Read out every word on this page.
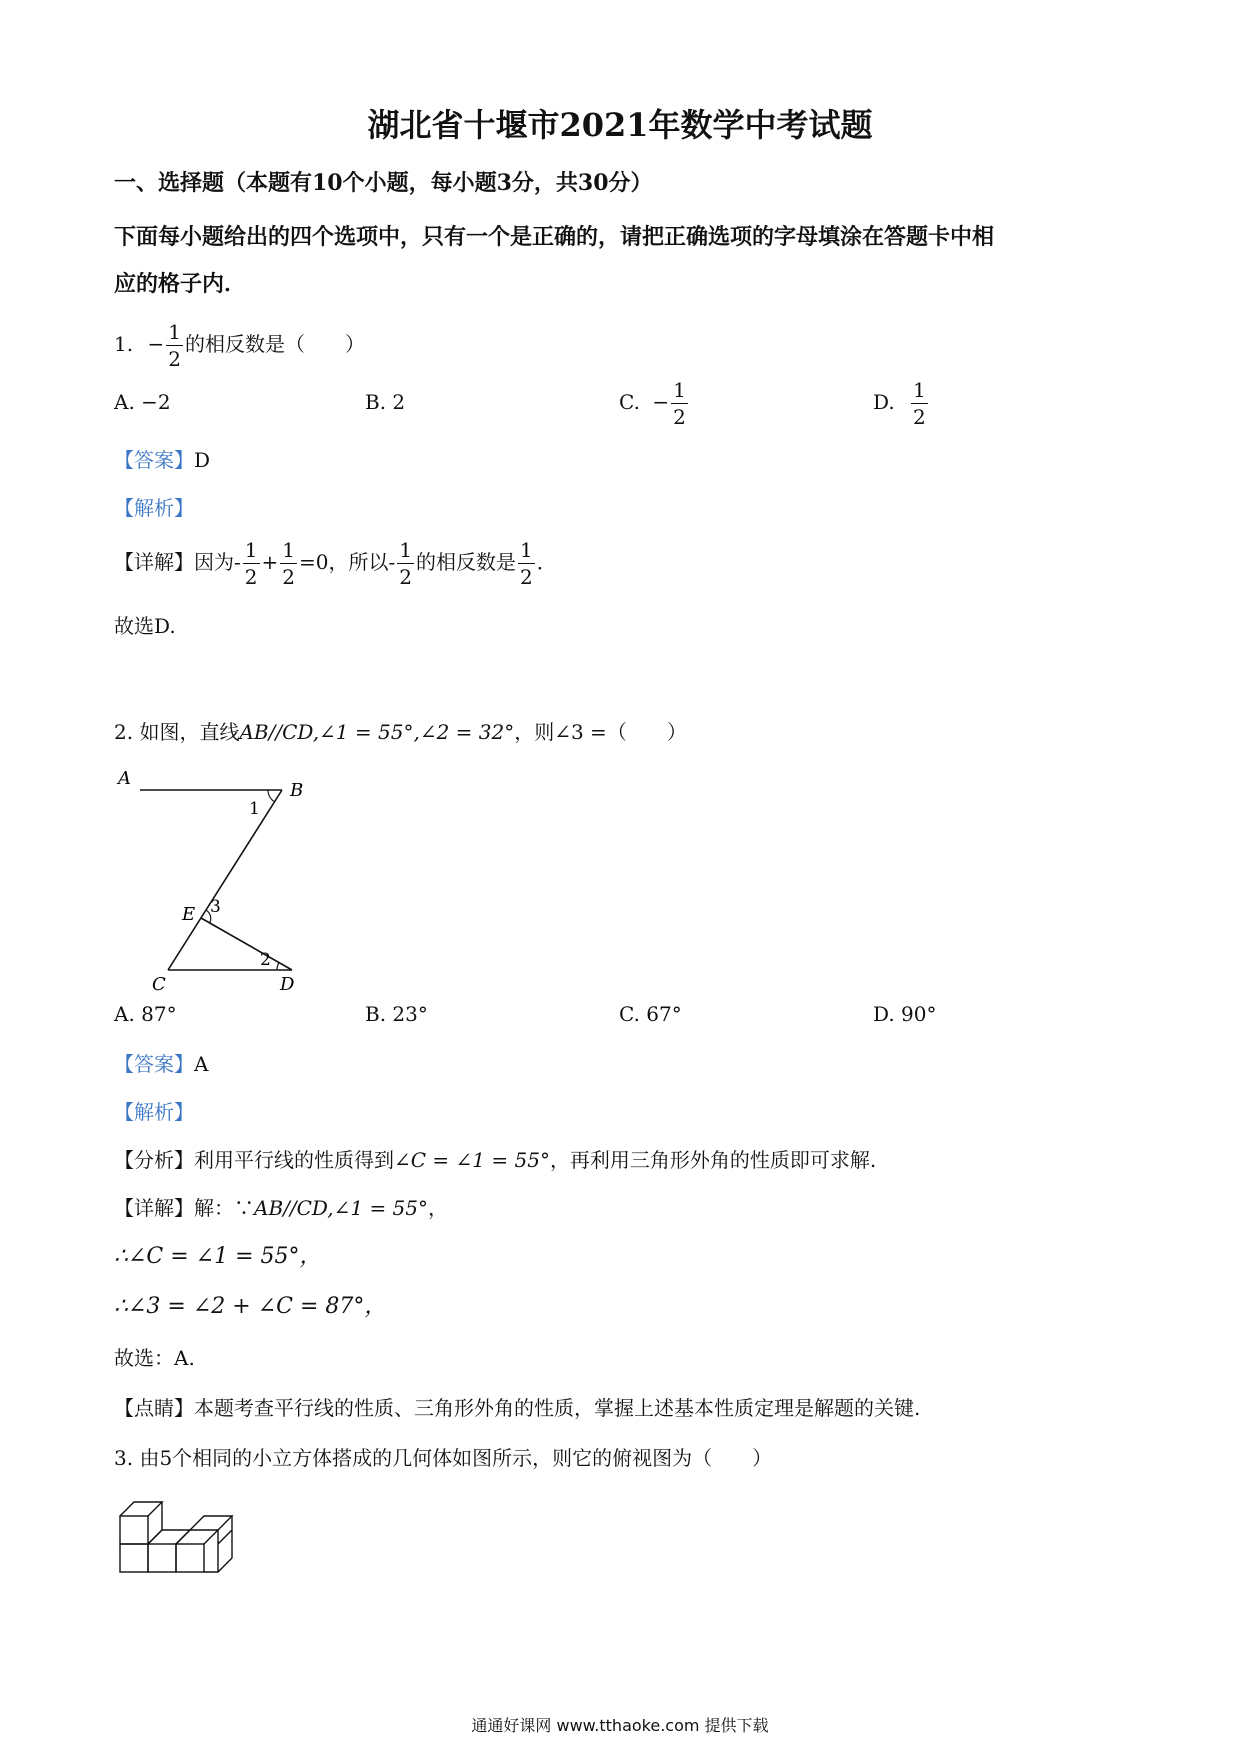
湖北省十堰市2021年数学中考试题
一、选择题（本题有10个小题，每小题3分，共30分）
下面每小题给出的四个选项中，只有一个是正确的，请把正确选项的字母填涂在答题卡中相
应的格子内．
1. − $\frac{1}{2}$ 的相反数是（　　）
A. −2	B. 2	C. − $\frac{1}{2}$	D. $\frac{1}{2}$
【答案】D
【解析】
【详解】因为- $\frac{1}{2} + \frac{1}{2} =0$，所以- $\frac{1}{2}$ 的相反数是 $\frac{1}{2}$ ．
故选D.
2. 如图，直线AB//CD,∠1 = 55°,∠2 = 32°，则∠3 =（　　）
A
B
1
E 3
2
C	D
A. 87°	B. 23°	C. 67°	D. 90°
【答案】A
【解析】
【分析】利用平行线的性质得到∠C = ∠1 = 55°，再利用三角形外角的性质即可求解.
【详解】解：∵AB//CD,∠1 = 55°，
∴∠C = ∠1 = 55°，
∴∠3 = ∠2 + ∠C = 87°，
故选：A.
【点睛】本题考查平行线的性质、三角形外角的性质，掌握上述基本性质定理是解题的关键.
3. 由5个相同的小立方体搭成的几何体如图所示，则它的俯视图为（　　）
通通好课网 www.tthaoke.com 提供下载
